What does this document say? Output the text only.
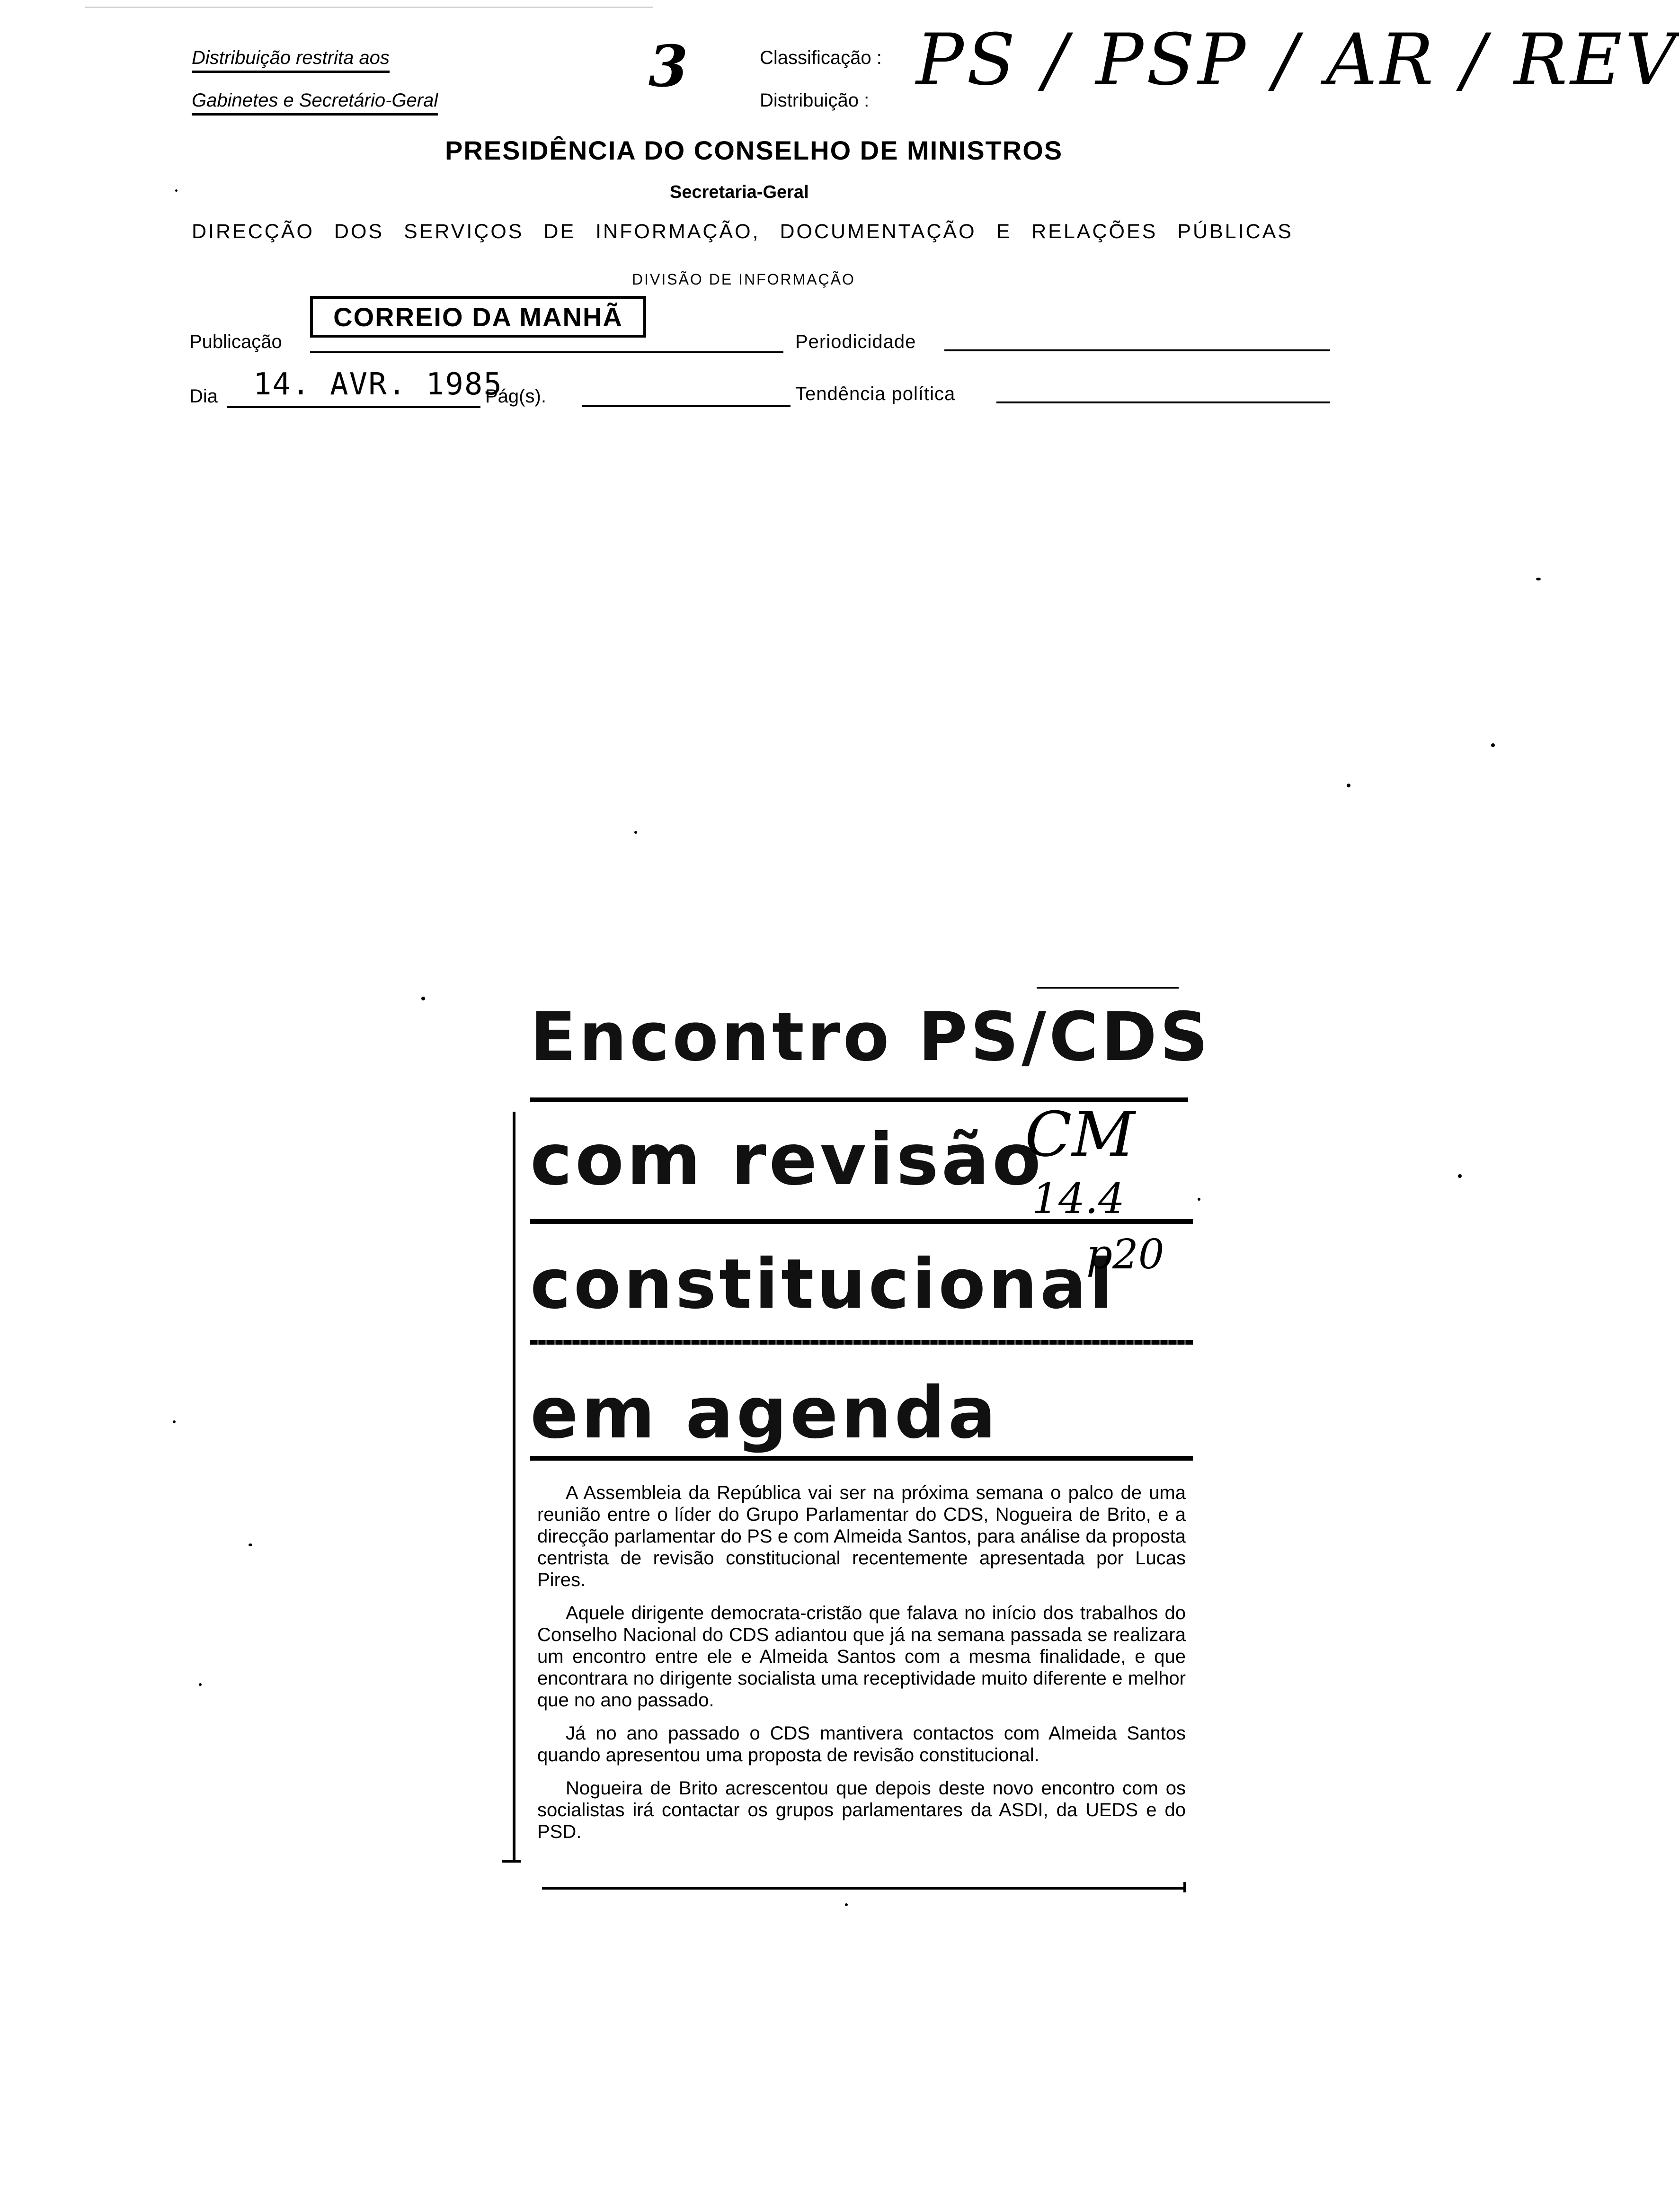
Distribuição restrita aos
Gabinetes e Secretário-Geral
3	Classificação :
Distribuição : PS / PSP / AR / REV
PRESIDÊNCIA DO CONSELHO DE MINISTROS
Secretaria-Geral
DIRECÇÃO DOS SERVIÇOS DE INFORMAÇÃO, DOCUMENTAÇÃO E RELAÇÕES PÚBLICAS
DIVISÃO DE INFORMAÇÃO
Publicação
CORREIO DA MANHÃ
Periodicidade
Dia 14. AVR. 1985
Pág(s).	Tendência política
Encontro PS/CDS
com revisão
constitucional
em agenda
CM
14.4
p20

A Assembleia da República vai ser na próxima semana o palco de uma reunião entre o líder do Grupo Parlamentar do CDS, Nogueira de Brito, e a direcção parlamentar do PS e com Almeida Santos, para análise da proposta centrista de revisão constitucional recentemente apresentada por Lucas Pires.

Aquele dirigente democrata-cristão que falava no início dos trabalhos do Conselho Nacional do CDS adiantou que já na semana passada se realizara um encontro entre ele e Almeida Santos com a mesma finalidade, e que encontrara no dirigente socialista uma receptividade muito diferente e melhor que no ano passado.

Já no ano passado o CDS mantivera contactos com Almeida Santos quando apresentou uma proposta de revisão constitucional.

Nogueira de Brito acrescentou que depois deste novo encontro com os socialistas irá contactar os grupos parlamentares da ASDI, da UEDS e do PSD.
